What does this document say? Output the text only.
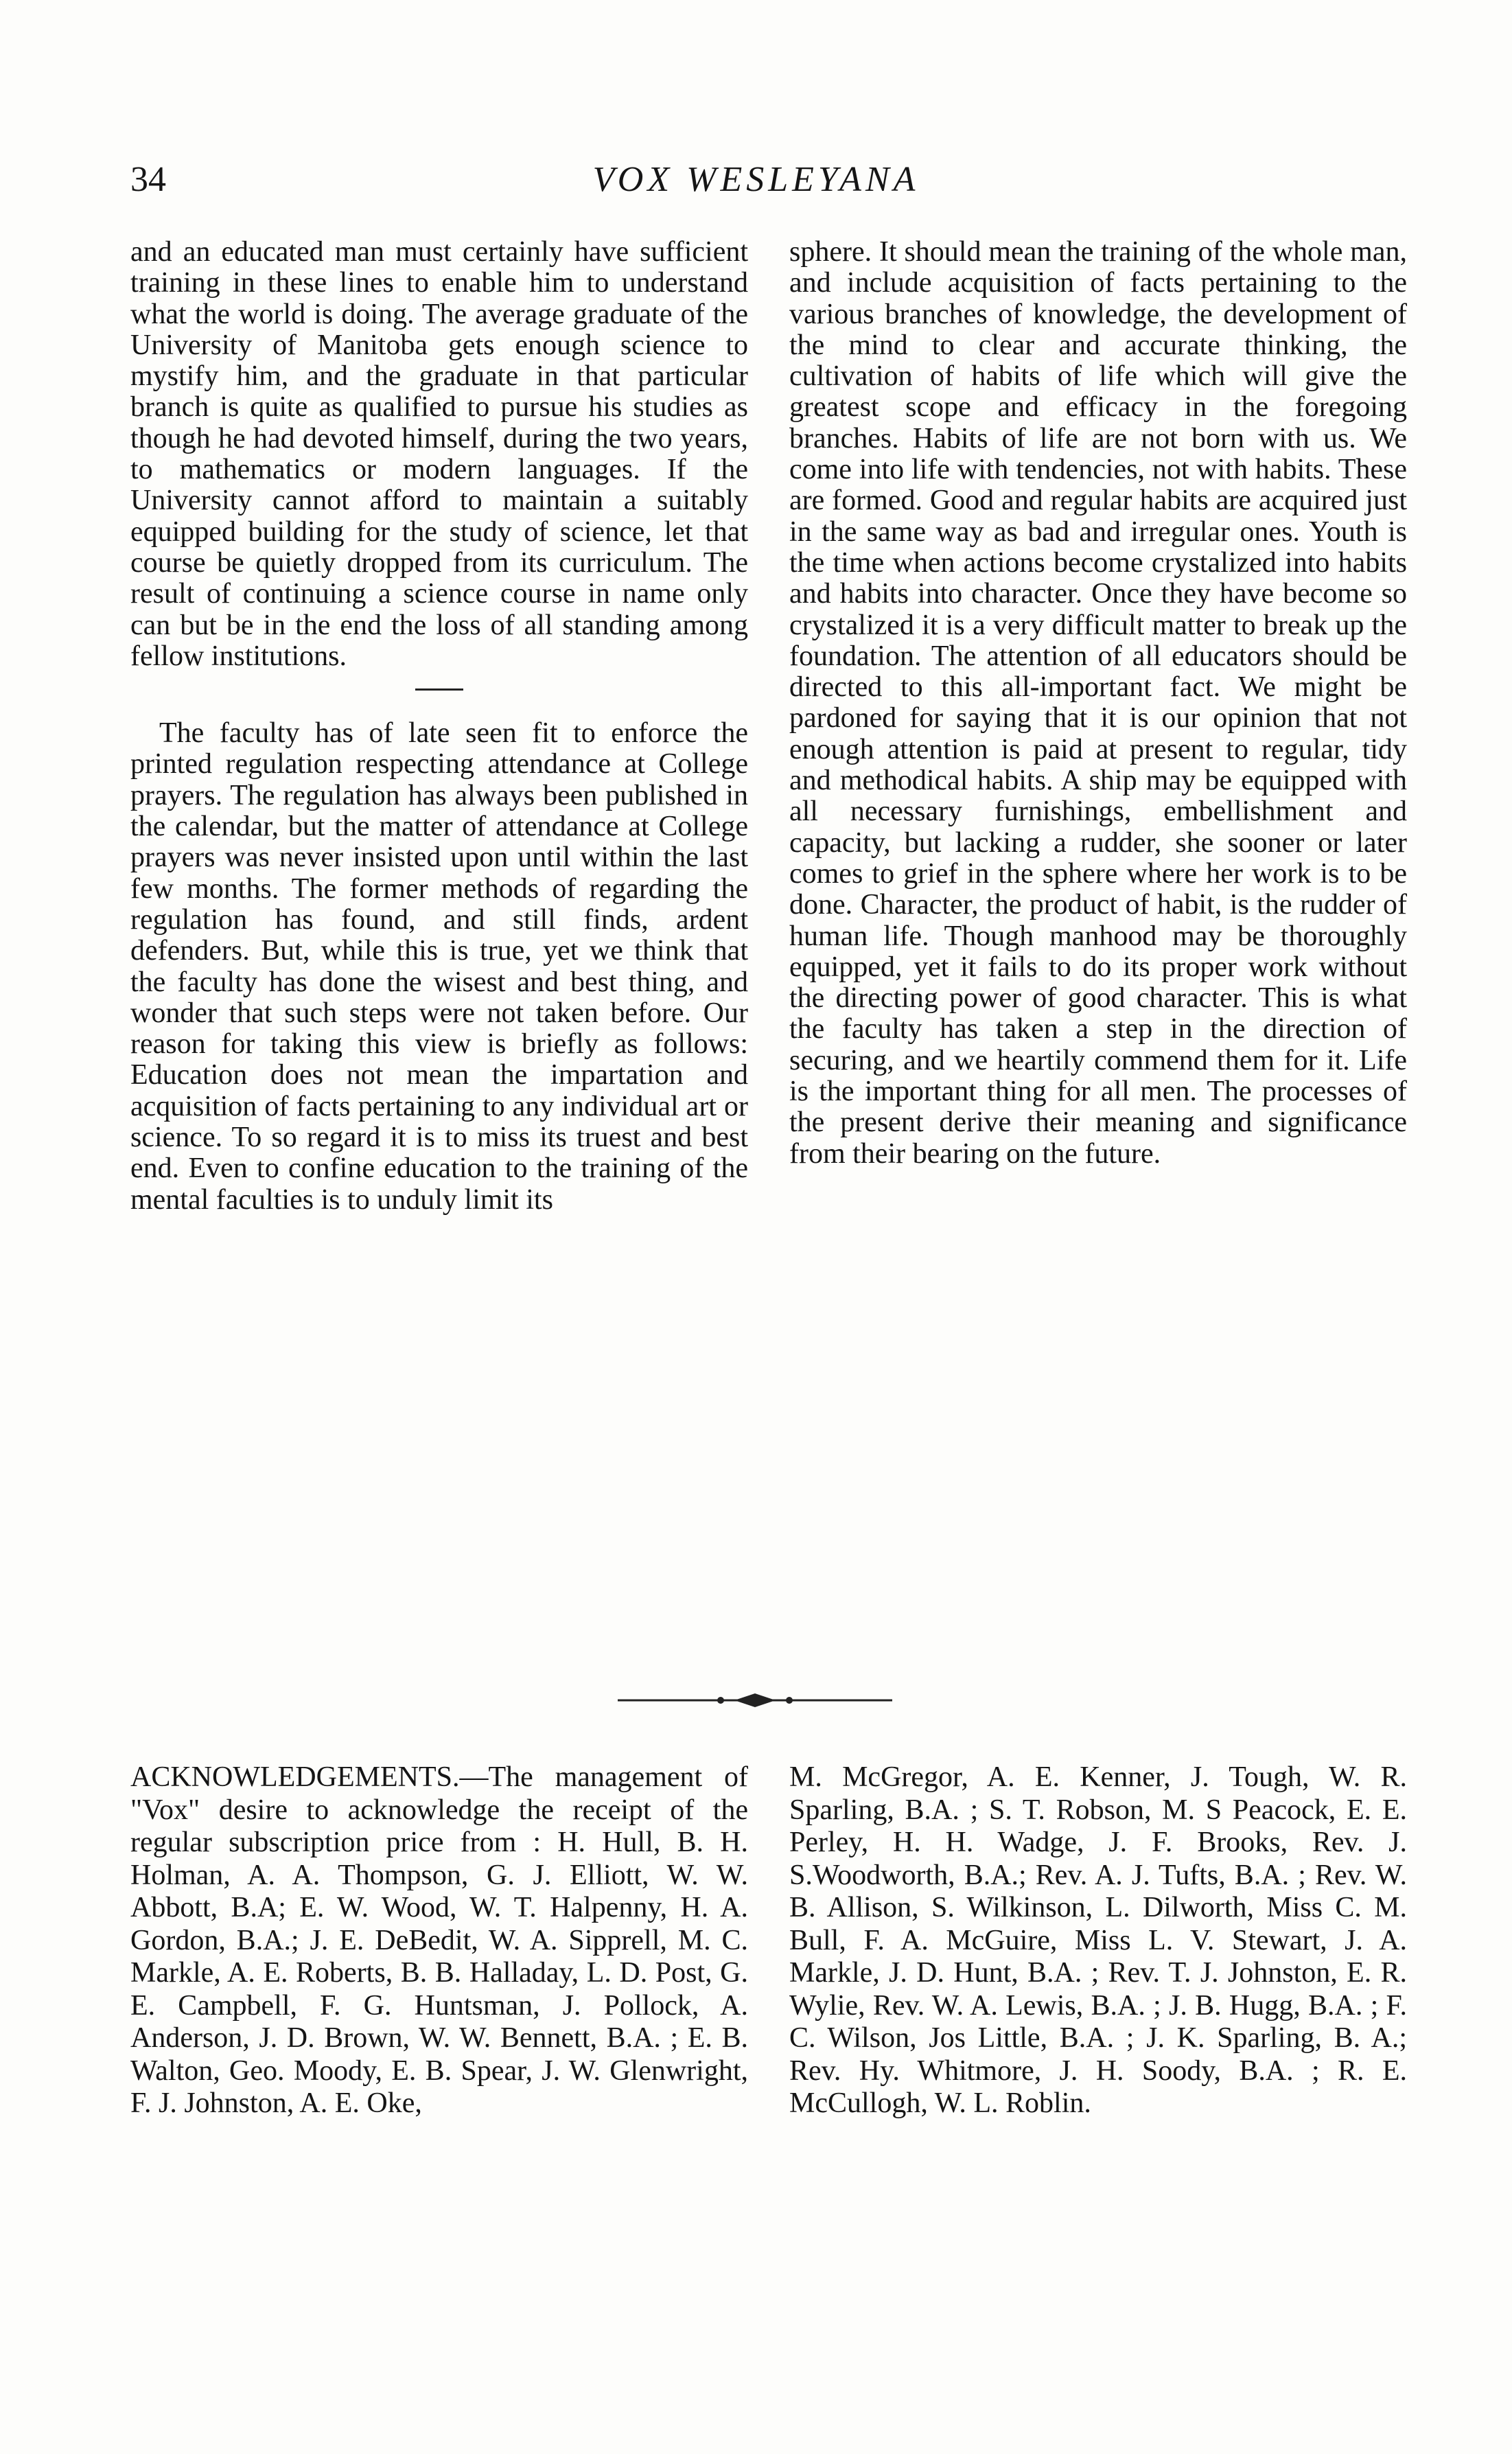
34	VOX WESLEYANA

and an educated man must certainly have sufficient training in these lines to enable him to understand what the world is doing. The average graduate of the University of Manitoba gets enough science to mystify him, and the graduate in that particular branch is quite as qualified to pursue his studies as though he had devoted himself, during the two years, to mathematics or modern languages. If the University cannot afford to maintain a suitably equipped building for the study of science, let that course be quietly dropped from its curriculum. The result of continuing a science course in name only can but be in the end the loss of all standing among fellow institutions.

The faculty has of late seen fit to enforce the printed regulation respecting attendance at College prayers. The regulation has always been published in the calendar, but the matter of attendance at College prayers was never insisted upon until within the last few months. The former methods of regarding the regulation has found, and still finds, ardent defenders. But, while this is true, yet we think that the faculty has done the wisest and best thing, and wonder that such steps were not taken before. Our reason for taking this view is briefly as follows: Education does not mean the impartation and acquisition of facts pertaining to any individual art or science. To so regard it is to miss its truest and best end. Even to confine education to the training of the mental faculties is to unduly limit its

sphere. It should mean the training of the whole man, and include acquisition of facts pertaining to the various branches of knowledge, the development of the mind to clear and accurate thinking, the cultivation of habits of life which will give the greatest scope and efficacy in the foregoing branches. Habits of life are not born with us. We come into life with tendencies, not with habits. These are formed. Good and regular habits are acquired just in the same way as bad and irregular ones. Youth is the time when actions become crystalized into habits and habits into character. Once they have become so crystalized it is a very difficult matter to break up the foundation. The attention of all educators should be directed to this all-important fact. We might be pardoned for saying that it is our opinion that not enough attention is paid at present to regular, tidy and methodical habits. A ship may be equipped with all necessary furnishings, embellishment and capacity, but lacking a rudder, she sooner or later comes to grief in the sphere where her work is to be done. Character, the product of habit, is the rudder of human life. Though manhood may be thoroughly equipped, yet it fails to do its proper work without the directing power of good character. This is what the faculty has taken a step in the direction of securing, and we heartily commend them for it. Life is the important thing for all men. The processes of the present derive their meaning and significance from their bearing on the future.

ACKNOWLEDGEMENTS.—The management of "Vox" desire to acknowledge the receipt of the regular subscription price from : H. Hull, B. H. Holman, A. A. Thompson, G. J. Elliott, W. W. Abbott, B.A; E. W. Wood, W. T. Halpenny, H. A. Gordon, B.A.; J. E. DeBedit, W. A. Sipprell, M. C. Markle, A. E. Roberts, B. B. Halladay, L. D. Post, G. E. Campbell, F. G. Huntsman, J. Pollock, A. Anderson, J. D. Brown, W. W. Bennett, B.A. ; E. B. Walton, Geo. Moody, E. B. Spear, J. W. Glenwright, F. J. Johnston, A. E. Oke,

M. McGregor, A. E. Kenner, J. Tough, W. R. Sparling, B.A. ; S. T. Robson, M. S Peacock, E. E. Perley, H. H. Wadge, J. F. Brooks, Rev. J. S.Woodworth, B.A.; Rev. A. J. Tufts, B.A. ; Rev. W. B. Allison, S. Wilkinson, L. Dilworth, Miss C. M. Bull, F. A. McGuire, Miss L. V. Stewart, J. A. Markle, J. D. Hunt, B.A. ; Rev. T. J. Johnston, E. R. Wylie, Rev. W. A. Lewis, B.A. ; J. B. Hugg, B.A. ; F. C. Wilson, Jos Little, B.A. ; J. K. Sparling, B. A.; Rev. Hy. Whitmore, J. H. Soody, B.A. ; R. E. McCullogh, W. L. Roblin.
